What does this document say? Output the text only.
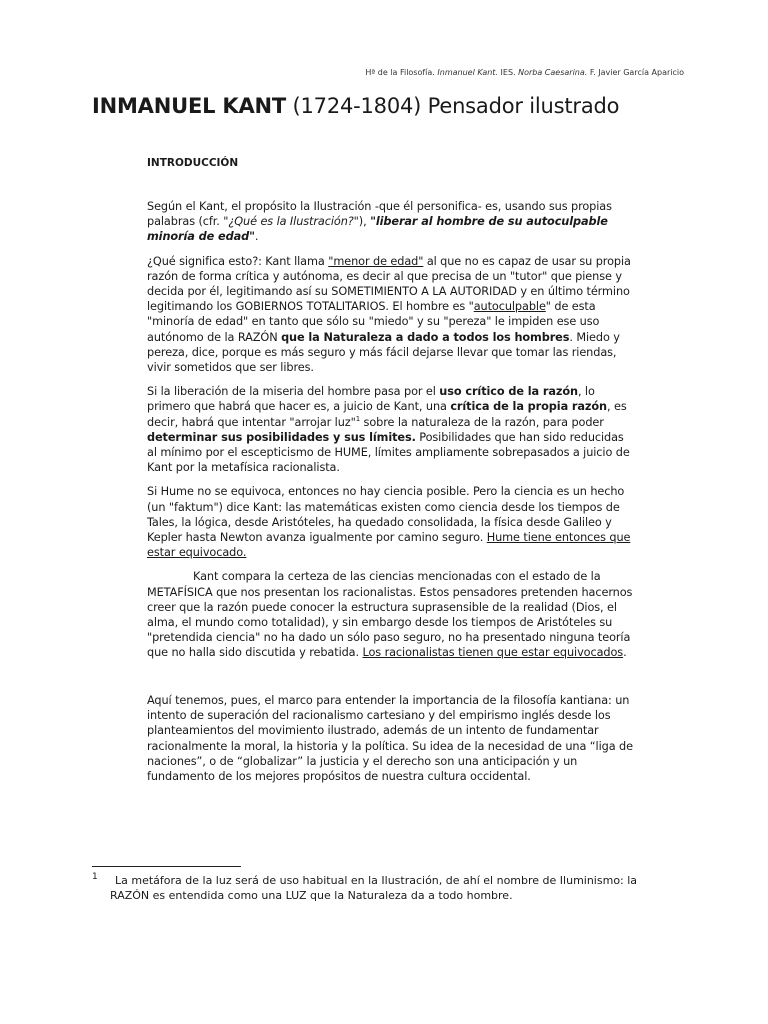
Hª de la Filosofía. Inmanuel Kant. IES. Norba Caesarina. F. Javier García Aparicio
INMANUEL KANT (1724-1804) Pensador ilustrado
INTRODUCCIÓN

Según el Kant, el propósito la Ilustración -que él personifica- es, usando sus propias palabras (cfr. "¿Qué es la Ilustración?"), "liberar al hombre de su autoculpable minoría de edad".

¿Qué significa esto?: Kant llama "menor de edad" al que no es capaz de usar su propia razón de forma crítica y autónoma, es decir al que precisa de un "tutor" que piense y decida por él, legitimando así su SOMETIMIENTO A LA AUTORIDAD y en último término legitimando los GOBIERNOS TOTALITARIOS. El hombre es "autoculpable" de esta "minoría de edad" en tanto que sólo su "miedo" y su "pereza" le impiden ese uso autónomo de la RAZÓN que la Naturaleza a dado a todos los hombres. Miedo y pereza, dice, porque es más seguro y más fácil dejarse llevar que tomar las riendas, vivir sometidos que ser libres.

Si la liberación de la miseria del hombre pasa por el uso crítico de la razón, lo primero que habrá que hacer es, a juicio de Kant, una crítica de la propia razón, es decir, habrá que intentar "arrojar luz"$^1$ sobre la naturaleza de la razón, para poder determinar sus posibilidades y sus límites. Posibilidades que han sido reducidas al mínimo por el escepticismo de HUME, límites ampliamente sobrepasados a juicio de Kant por la metafísica racionalista.

Si Hume no se equivoca, entonces no hay ciencia posible. Pero la ciencia es un hecho (un "faktum") dice Kant: las matemáticas existen como ciencia desde los tiempos de Tales, la lógica, desde Aristóteles, ha quedado consolidada, la física desde Galileo y Kepler hasta Newton avanza igualmente por camino seguro. Hume tiene entonces que estar equivocado.

Kant compara la certeza de las ciencias mencionadas con el estado de la METAFÍSICA que nos presentan los racionalistas. Estos pensadores pretenden hacernos creer que la razón puede conocer la estructura suprasensible de la realidad (Dios, el alma, el mundo como totalidad), y sin embargo desde los tiempos de Aristóteles su "pretendida ciencia" no ha dado un sólo paso seguro, no ha presentado ninguna teoría que no halla sido discutida y rebatida. Los racionalistas tienen que estar equivocados.

Aquí tenemos, pues, el marco para entender la importancia de la filosofía kantiana: un intento de superación del racionalismo cartesiano y del empirismo inglés desde los planteamientos del movimiento ilustrado, además de un intento de fundamentar racionalmente la moral, la historia y la política. Su idea de la necesidad de una “liga de naciones”, o de “globalizar” la justicia y el derecho son una anticipación y un fundamento de los mejores propósitos de nuestra cultura occidental.

1	La metáfora de la luz será de uso habitual en la Ilustración, de ahí el nombre de Iluminismo: la RAZÓN es entendida como una LUZ que la Naturaleza da a todo hombre.
